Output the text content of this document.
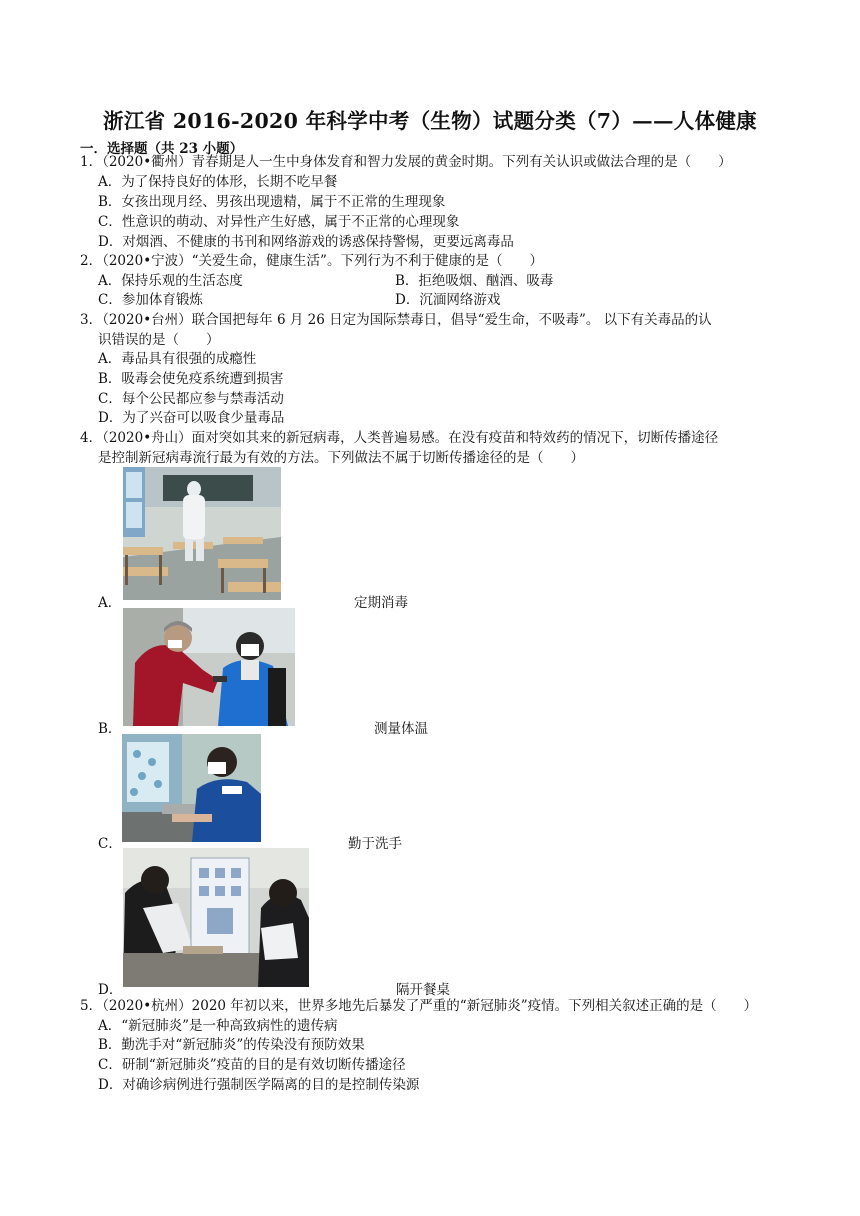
浙江省 2016-2020 年科学中考（生物）试题分类（7）——人体健康
一．选择题（共 23 小题）
1．（2020•衢州）青春期是人一生中身体发育和智力发展的黄金时期。下列有关认识或做法合理的是（　　）
A．为了保持良好的体形，长期不吃早餐
B．女孩出现月经、男孩出现遗精，属于不正常的生理现象
C．性意识的萌动、对异性产生好感，属于不正常的心理现象
D．对烟酒、不健康的书刊和网络游戏的诱惑保持警惕，更要远离毒品
2．（2020•宁波）“关爱生命，健康生活”。下列行为不利于健康的是（　　）
A．保持乐观的生活态度	B．拒绝吸烟、酗酒、吸毒
C．参加体育锻炼	D．沉湎网络游戏
3．（2020•台州）联合国把每年 6 月 26 日定为国际禁毒日，倡导“爱生命，不吸毒”。 以下有关毒品的认
识错误的是（　　）
A．毒品具有很强的成瘾性
B．吸毒会使免疫系统遭到损害
C．每个公民都应参与禁毒活动
D．为了兴奋可以吸食少量毒品
4．（2020•舟山）面对突如其来的新冠病毒，人类普遍易感。在没有疫苗和特效药的情况下，切断传播途径
是控制新冠病毒流行最为有效的方法。下列做法不属于切断传播途径的是（　　）
A．	定期消毒
B．	测量体温
C．	勤于洗手
D．	隔开餐桌
5．（2020•杭州）2020 年初以来，世界多地先后暴发了严重的“新冠肺炎”疫情。下列相关叙述正确的是（　　）
A．“新冠肺炎”是一种高致病性的遗传病
B．勤洗手对“新冠肺炎”的传染没有预防效果
C．研制“新冠肺炎”疫苗的目的是有效切断传播途径
D．对确诊病例进行强制医学隔离的目的是控制传染源
